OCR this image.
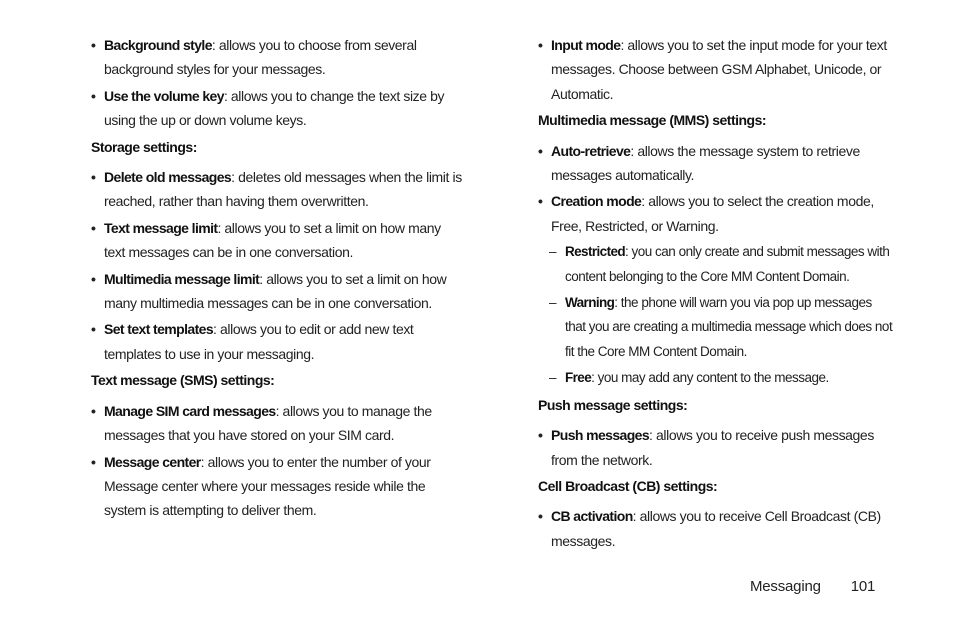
• Background style: allows you to choose from several background styles for your messages.
• Use the volume key: allows you to change the text size by using the up or down volume keys.
Storage settings:
• Delete old messages: deletes old messages when the limit is reached, rather than having them overwritten.
• Text message limit: allows you to set a limit on how many text messages can be in one conversation.
• Multimedia message limit: allows you to set a limit on how many multimedia messages can be in one conversation.
• Set text templates: allows you to edit or add new text templates to use in your messaging.
Text message (SMS) settings:
• Manage SIM card messages: allows you to manage the messages that you have stored on your SIM card.
• Message center: allows you to enter the number of your Message center where your messages reside while the system is attempting to deliver them.
• Input mode: allows you to set the input mode for your text messages. Choose between GSM Alphabet, Unicode, or Automatic.
Multimedia message (MMS) settings:
• Auto-retrieve: allows the message system to retrieve messages automatically.
• Creation mode: allows you to select the creation mode, Free, Restricted, or Warning.
– Restricted: you can only create and submit messages with content belonging to the Core MM Content Domain.
– Warning: the phone will warn you via pop up messages that you are creating a multimedia message which does not fit the Core MM Content Domain.
– Free: you may add any content to the message.
Push message settings:
• Push messages: allows you to receive push messages from the network.
Cell Broadcast (CB) settings:
• CB activation: allows you to receive Cell Broadcast (CB) messages.
Messaging 101
